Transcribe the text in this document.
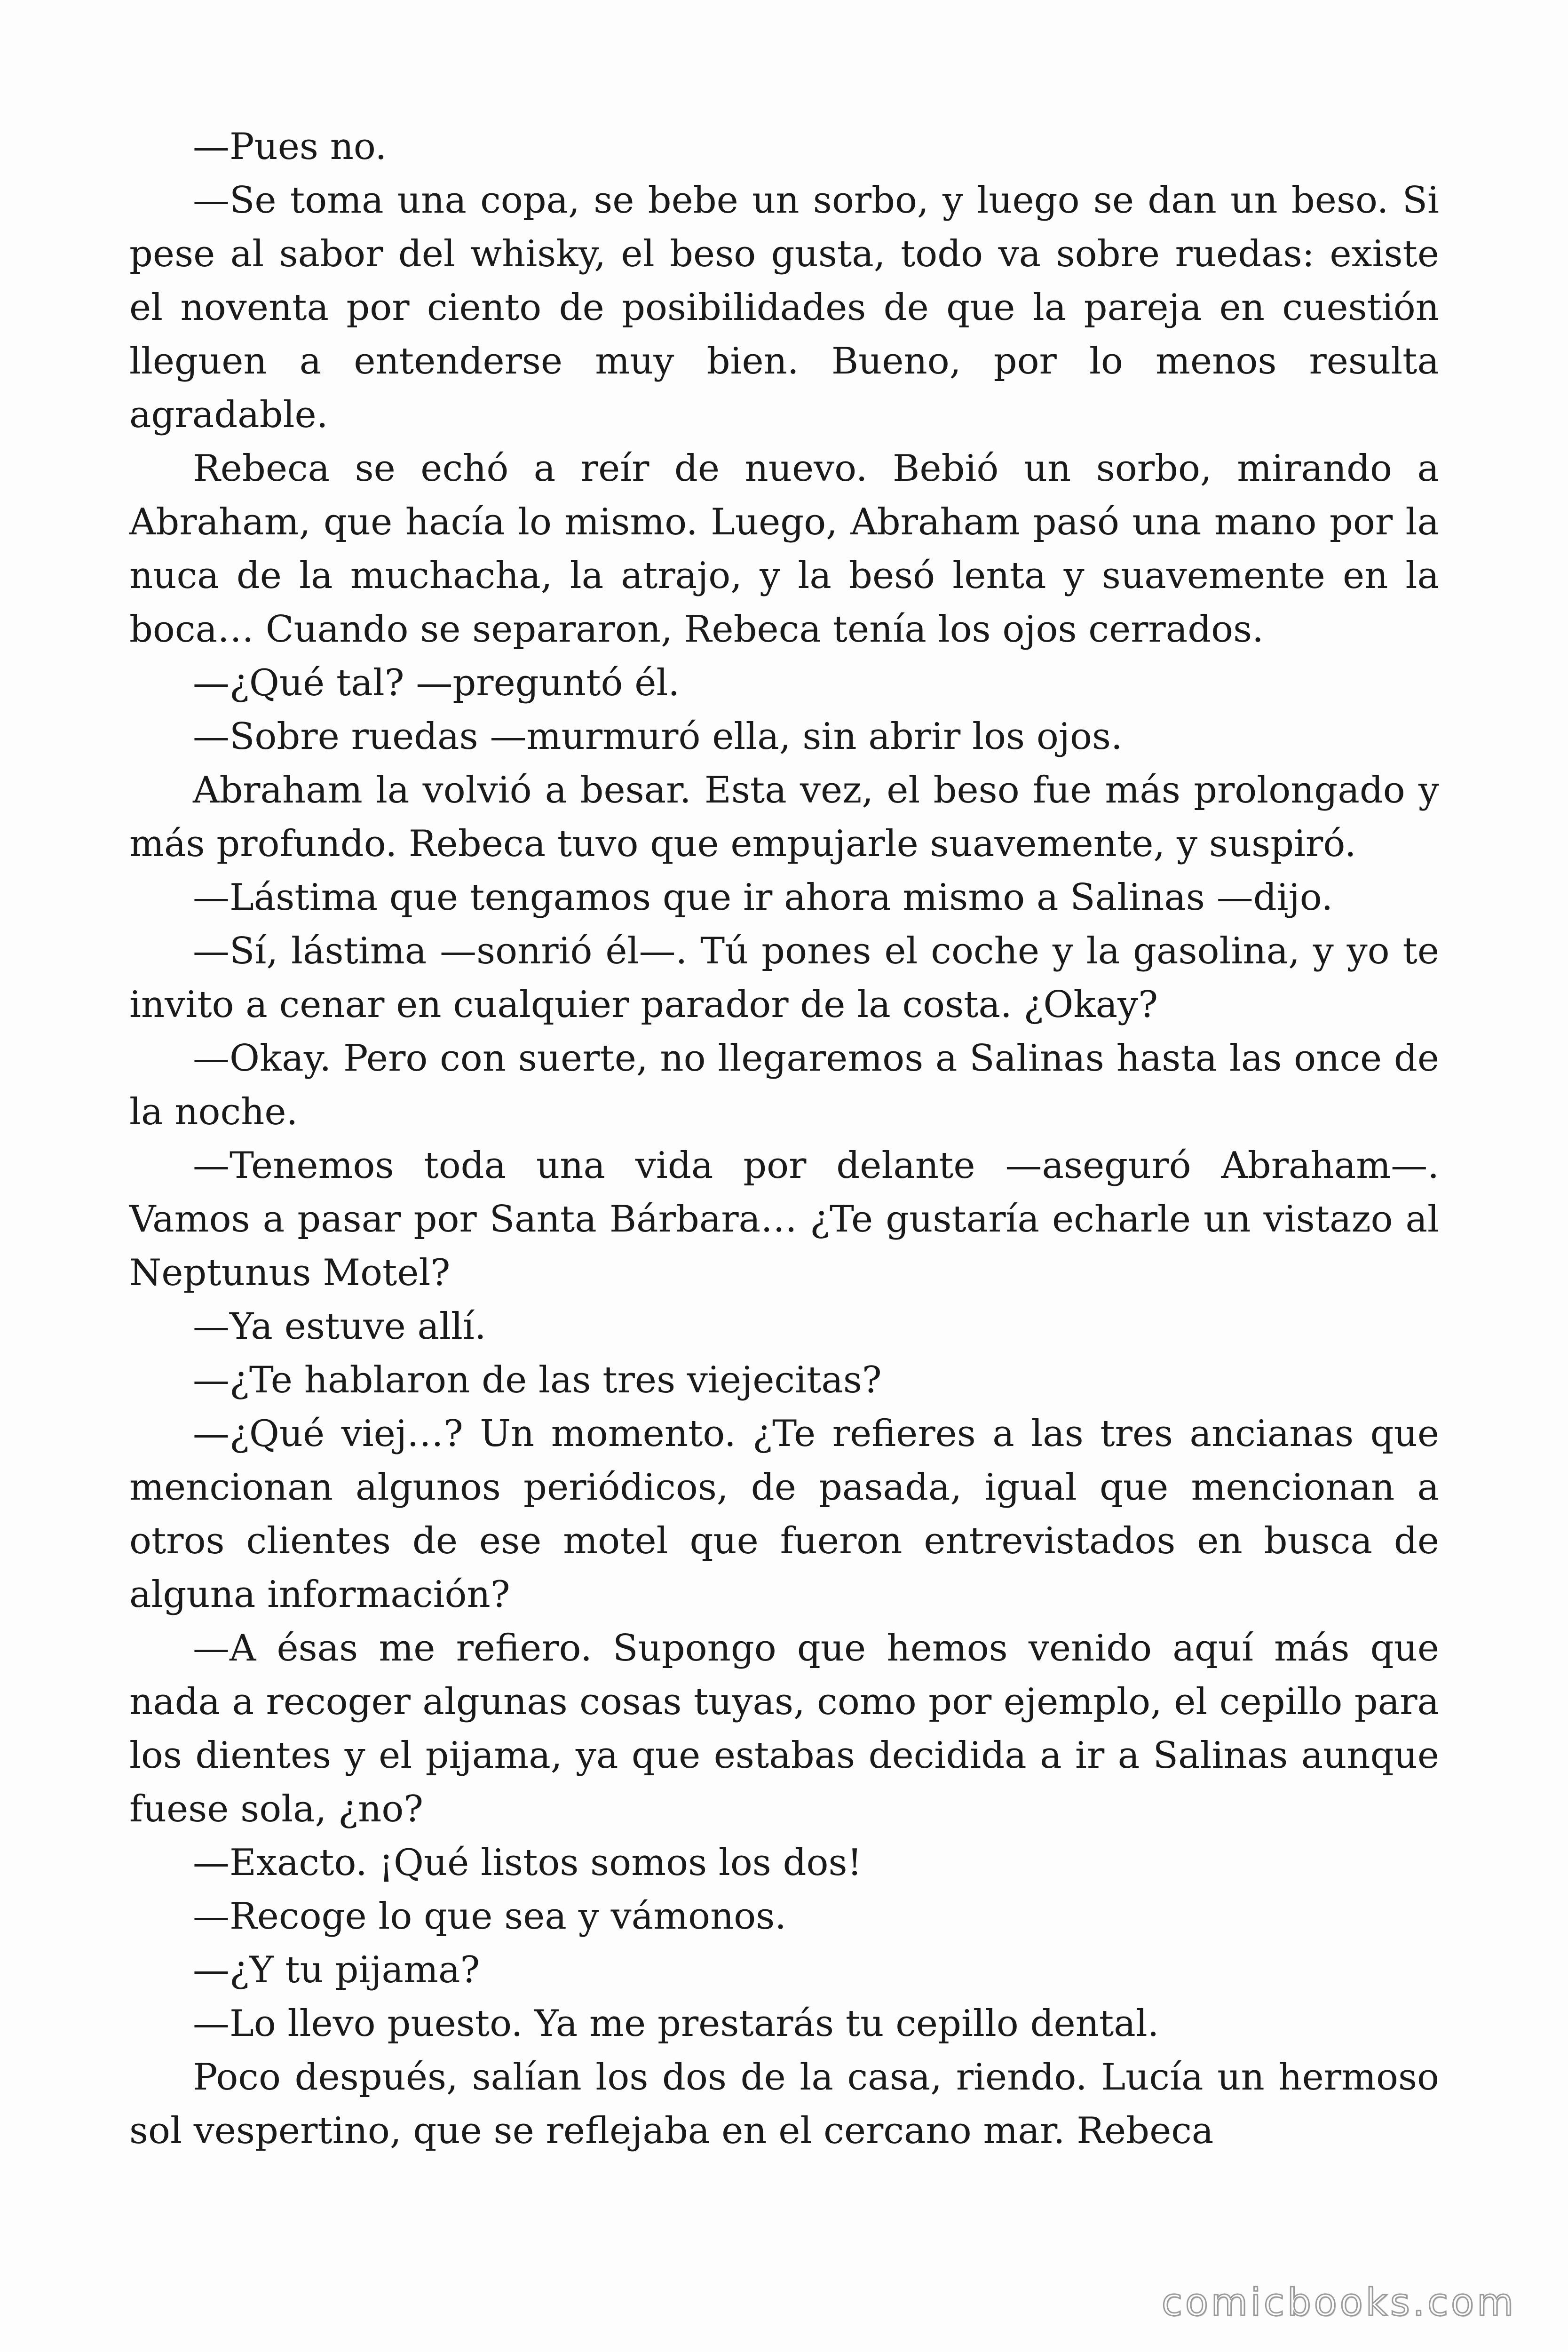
—Pues no.

—Se toma una copa, se bebe un sorbo, y luego se dan un beso. Si pese al sabor del whisky, el beso gusta, todo va sobre ruedas: existe el noventa por ciento de posibilidades de que la pareja en cuestión lleguen a entenderse muy bien. Bueno, por lo menos resulta agradable.

Rebeca se echó a reír de nuevo. Bebió un sorbo, mirando a Abraham, que hacía lo mismo. Luego, Abraham pasó una mano por la nuca de la muchacha, la atrajo, y la besó lenta y suavemente en la boca… Cuando se separaron, Rebeca tenía los ojos cerrados.

—¿Qué tal? —preguntó él.

—Sobre ruedas —murmuró ella, sin abrir los ojos.

Abraham la volvió a besar. Esta vez, el beso fue más prolongado y más profundo. Rebeca tuvo que empujarle suavemente, y suspiró.

—Lástima que tengamos que ir ahora mismo a Salinas —dijo.

—Sí, lástima —sonrió él—. Tú pones el coche y la gasolina, y yo te invito a cenar en cualquier parador de la costa. ¿Okay?

—Okay. Pero con suerte, no llegaremos a Salinas hasta las once de la noche.

—Tenemos toda una vida por delante —aseguró Abraham—. Vamos a pasar por Santa Bárbara… ¿Te gustaría echarle un vistazo al Neptunus Motel?

—Ya estuve allí.

—¿Te hablaron de las tres viejecitas?

—¿Qué viej…? Un momento. ¿Te refieres a las tres ancianas que mencionan algunos periódicos, de pasada, igual que mencionan a otros clientes de ese motel que fueron entrevistados en busca de alguna información?

—A ésas me refiero. Supongo que hemos venido aquí más que nada a recoger algunas cosas tuyas, como por ejemplo, el cepillo para los dientes y el pijama, ya que estabas decidida a ir a Salinas aunque fuese sola, ¿no?

—Exacto. ¡Qué listos somos los dos!

—Recoge lo que sea y vámonos.

—¿Y tu pijama?

—Lo llevo puesto. Ya me prestarás tu cepillo dental.

Poco después, salían los dos de la casa, riendo. Lucía un hermoso sol vespertino, que se reflejaba en el cercano mar. Rebeca

comicbooks.com
